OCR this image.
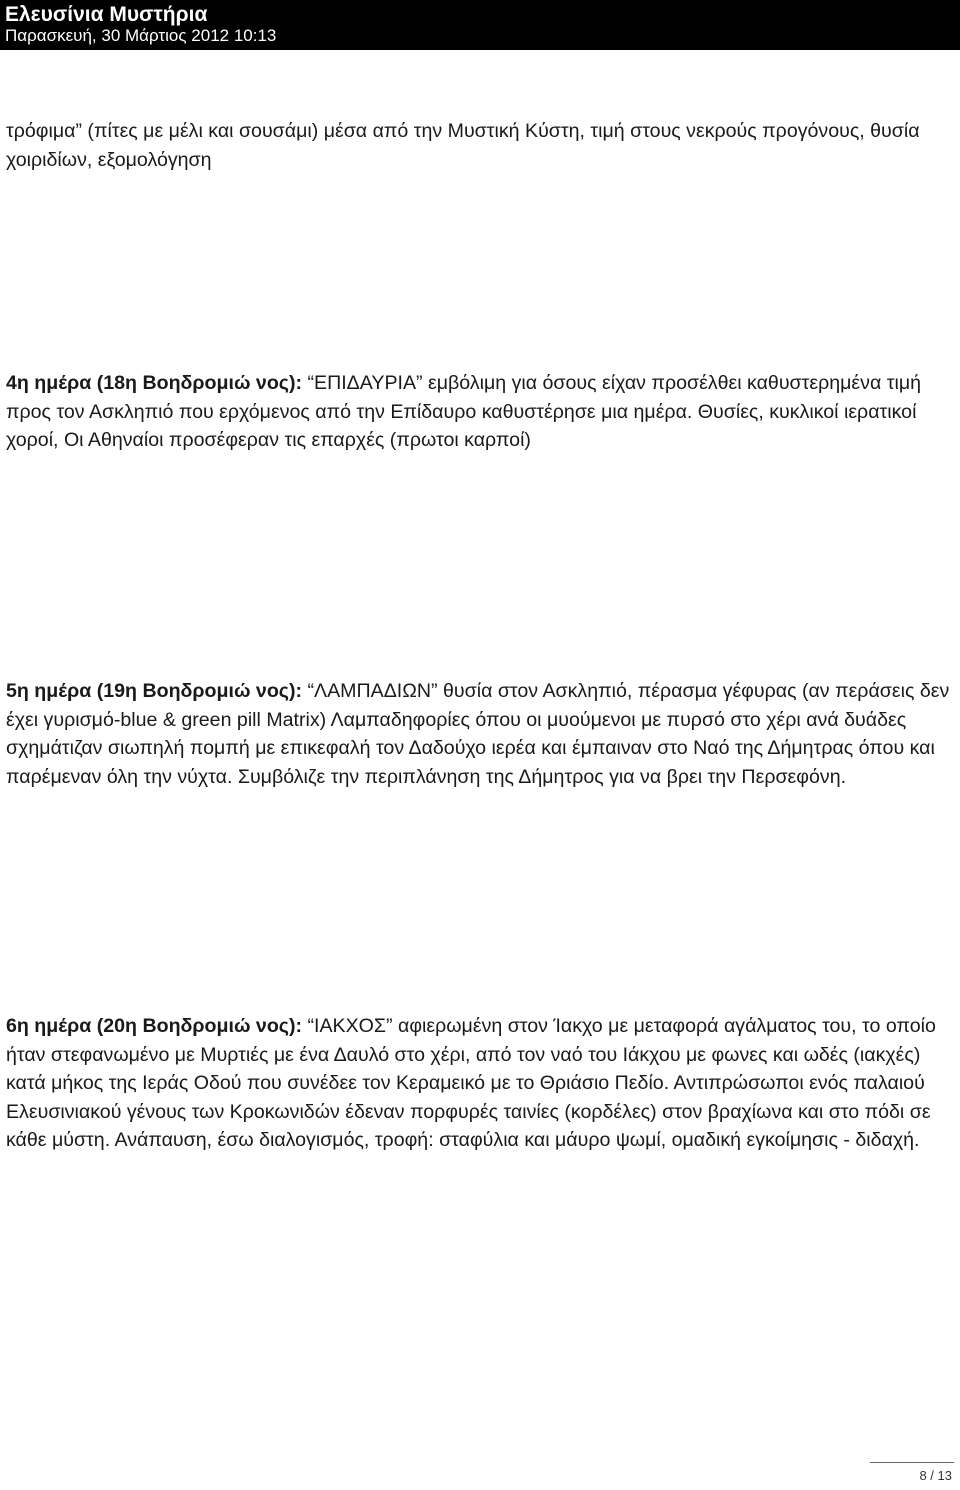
Ελευσίνια Μυστήρια
Παρασκευή, 30 Μάρτιος 2012 10:13

τρόφιμα” (πίτες με μέλι και σουσάμι) μέσα από την Μυστική Κύστη, τιμή στους νεκρούς προγόνους, θυσία χοιριδίων, εξομολόγηση

4η ημέρα (18η Βοηδρομιώ νος): “ΕΠΙΔΑΥΡΙΑ” εμβόλιμη για όσους είχαν προσέλθει καθυστερημένα τιμή προς τον Ασκληπιό που ερχόμενος από την Επίδαυρο καθυστέρησε μια ημέρα. Θυσίες, κυκλικοί ιερατικοί χοροί, Οι Αθηναίοι προσέφεραν τις επαρχές (πρωτοι καρποί)

5η ημέρα (19η Βοηδρομιώ νος): “ΛΑΜΠΑΔΙΩΝ” θυσία στον Ασκληπιό, πέρασμα γέφυρας (αν περάσεις δεν έχει γυρισμό-blue & green pill Matrix) Λαμπαδηφορίες όπου οι μυούμενοι με πυρσό στο χέρι ανά δυάδες σχημάτιζαν σιωπηλή πομπή με επικεφαλή τον Δαδούχο ιερέα και έμπαιναν στο Ναό της Δήμητρας όπου και παρέμεναν όλη την νύχτα. Συμβόλιζε την περιπλάνηση της Δήμητρος για να βρει την Περσεφόνη.

6η ημέρα (20η Βοηδρομιώ νος): “ΙΑΚΧΟΣ” αφιερωμένη στον Ίακχο με μεταφορά αγάλματος του, το οποίο ήταν στεφανωμένο με Μυρτιές με ένα Δαυλό στο χέρι, από τον ναό του Ιάκχου με φωνες και ωδές (ιακχές) κατά μήκος της Ιεράς Οδού που συνέδεε τον Κεραμεικό με το Θριάσιο Πεδίο. Αντιπρώσωποι ενός παλαιού Ελευσινιακού γένους των Κροκωνιδών έδεναν πορφυρές ταινίες (κορδέλες) στον βραχίωνα και στο πόδι σε κάθε μύστη. Ανάπαυση, έσω διαλογισμός, τροφή: σταφύλια και μάυρο ψωμί, ομαδική εγκοίμησις - διδαχή.

8 / 13
